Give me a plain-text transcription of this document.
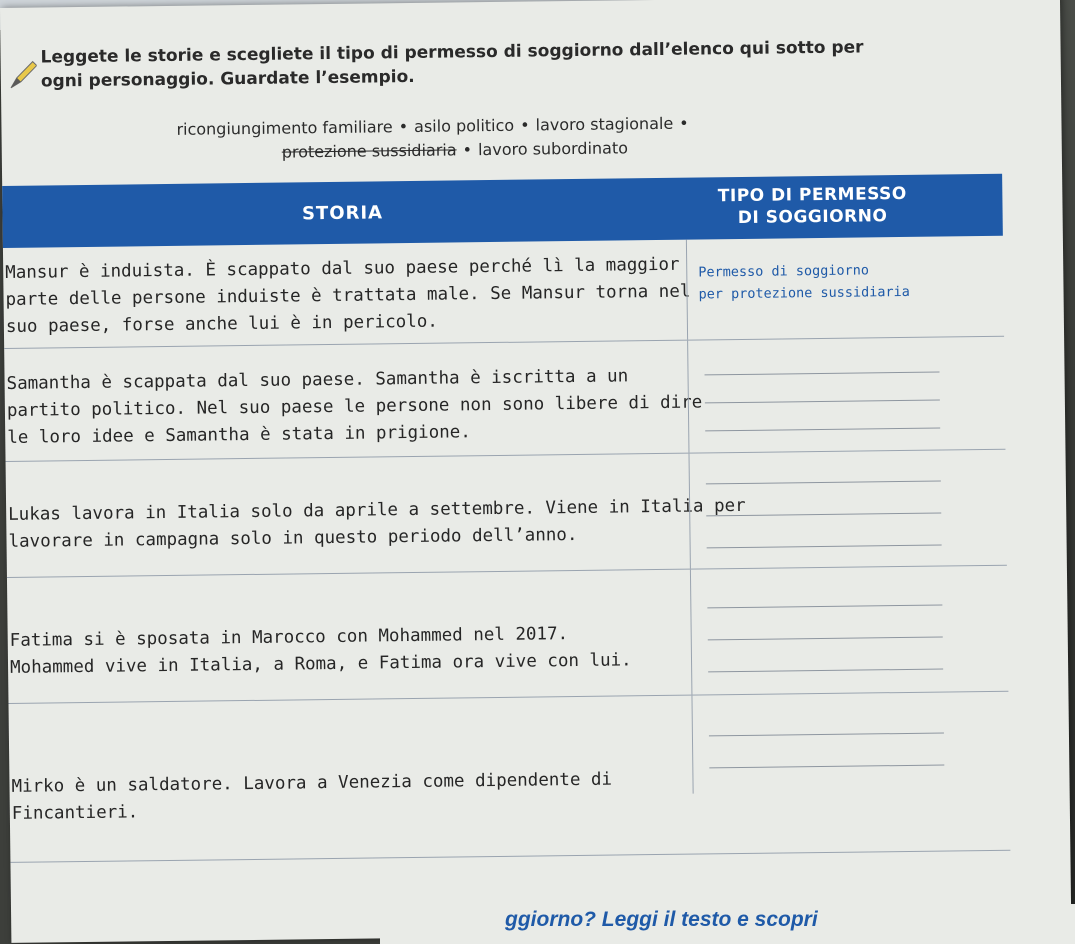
Leggete le storie e scegliete il tipo di permesso di soggiorno dall’elenco qui sotto per
ogni personaggio. Guardate l’esempio.
ricongiungimento familiare • asilo politico • lavoro stagionale •
protezione sussidiaria • lavoro subordinato
STORIA
TIPO DI PERMESSO
DI SOGGIORNO
Mansur è induista. È scappato dal suo paese perché lì la maggior
parte delle persone induiste è trattata male. Se Mansur torna nel
suo paese, forse anche lui è in pericolo.
Permesso di soggiorno
per protezione sussidiaria
Samantha è scappata dal suo paese. Samantha è iscritta a un
partito politico. Nel suo paese le persone non sono libere di dire
le loro idee e Samantha è stata in prigione.
Lukas lavora in Italia solo da aprile a settembre. Viene in Italia per
lavorare in campagna solo in questo periodo dell’anno.
Fatima si è sposata in Marocco con Mohammed nel 2017.
Mohammed vive in Italia, a Roma, e Fatima ora vive con lui.
Mirko è un saldatore. Lavora a Venezia come dipendente di
Fincantieri.
ggiorno? Leggi il testo e scopri
